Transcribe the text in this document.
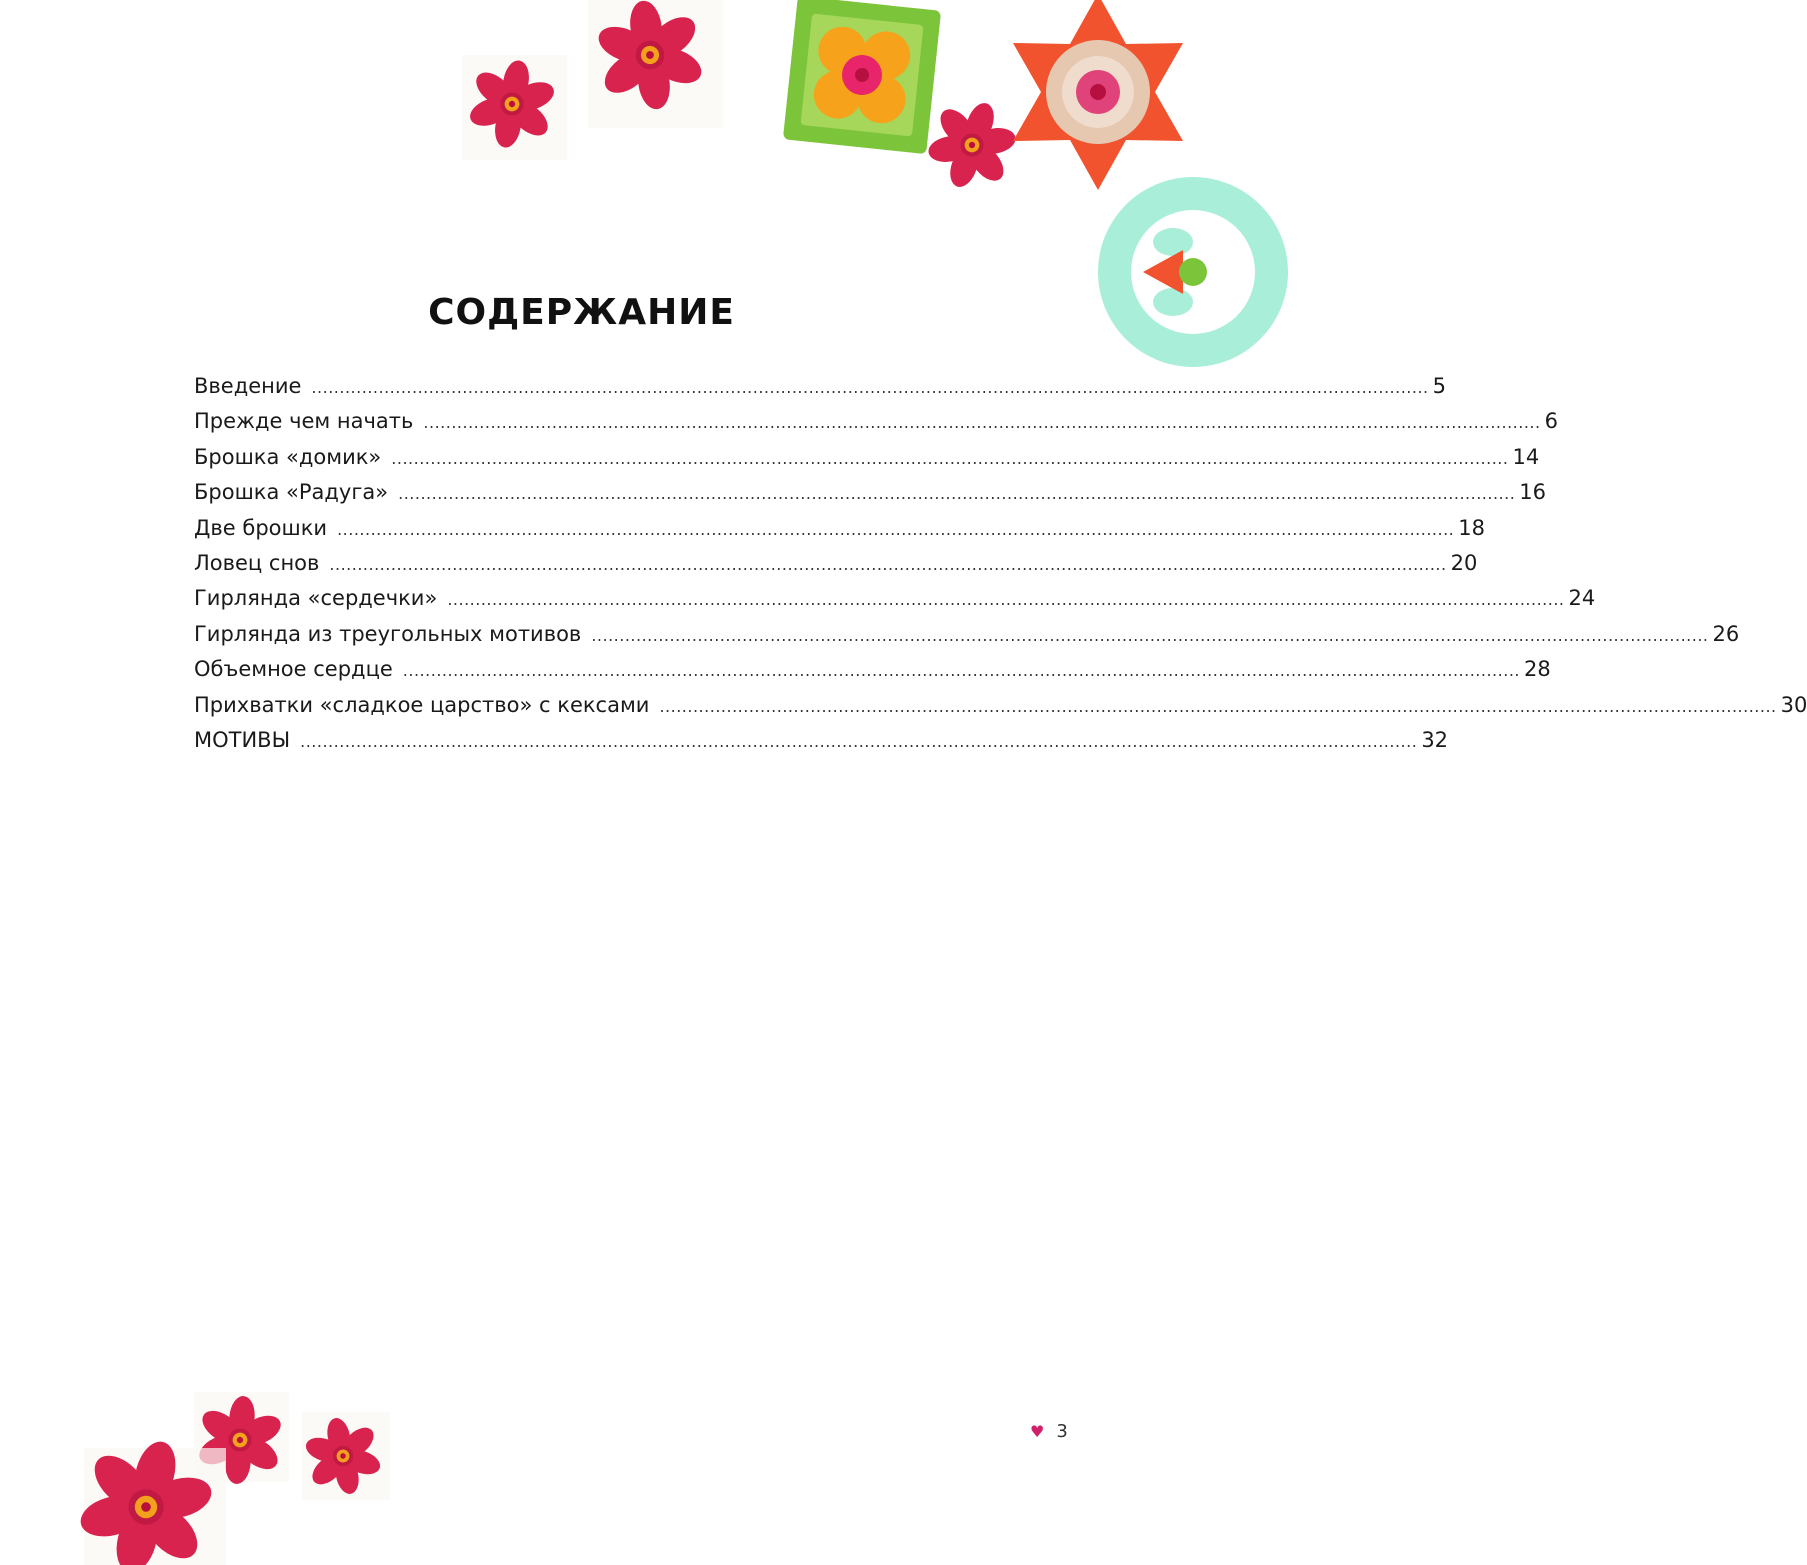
СОДЕРЖАНИЕ
Введение ........................................................................................................................................................................................................ 5
Прежде чем начать ........................................................................................................................................................................................................ 6
Брошка «домик» ........................................................................................................................................................................................................ 14
Брошка «Радуга» ........................................................................................................................................................................................................ 16
Две брошки ........................................................................................................................................................................................................ 18
Ловец снов ........................................................................................................................................................................................................ 20
Гирлянда «сердечки» ........................................................................................................................................................................................................ 24
Гирлянда из треугольных мотивов ........................................................................................................................................................................................................ 26
Объемное сердце ........................................................................................................................................................................................................ 28
Прихватки «сладкое царство» с кексами ........................................................................................................................................................................................................ 30
МОТИВЫ ........................................................................................................................................................................................................ 32
♥ 3
